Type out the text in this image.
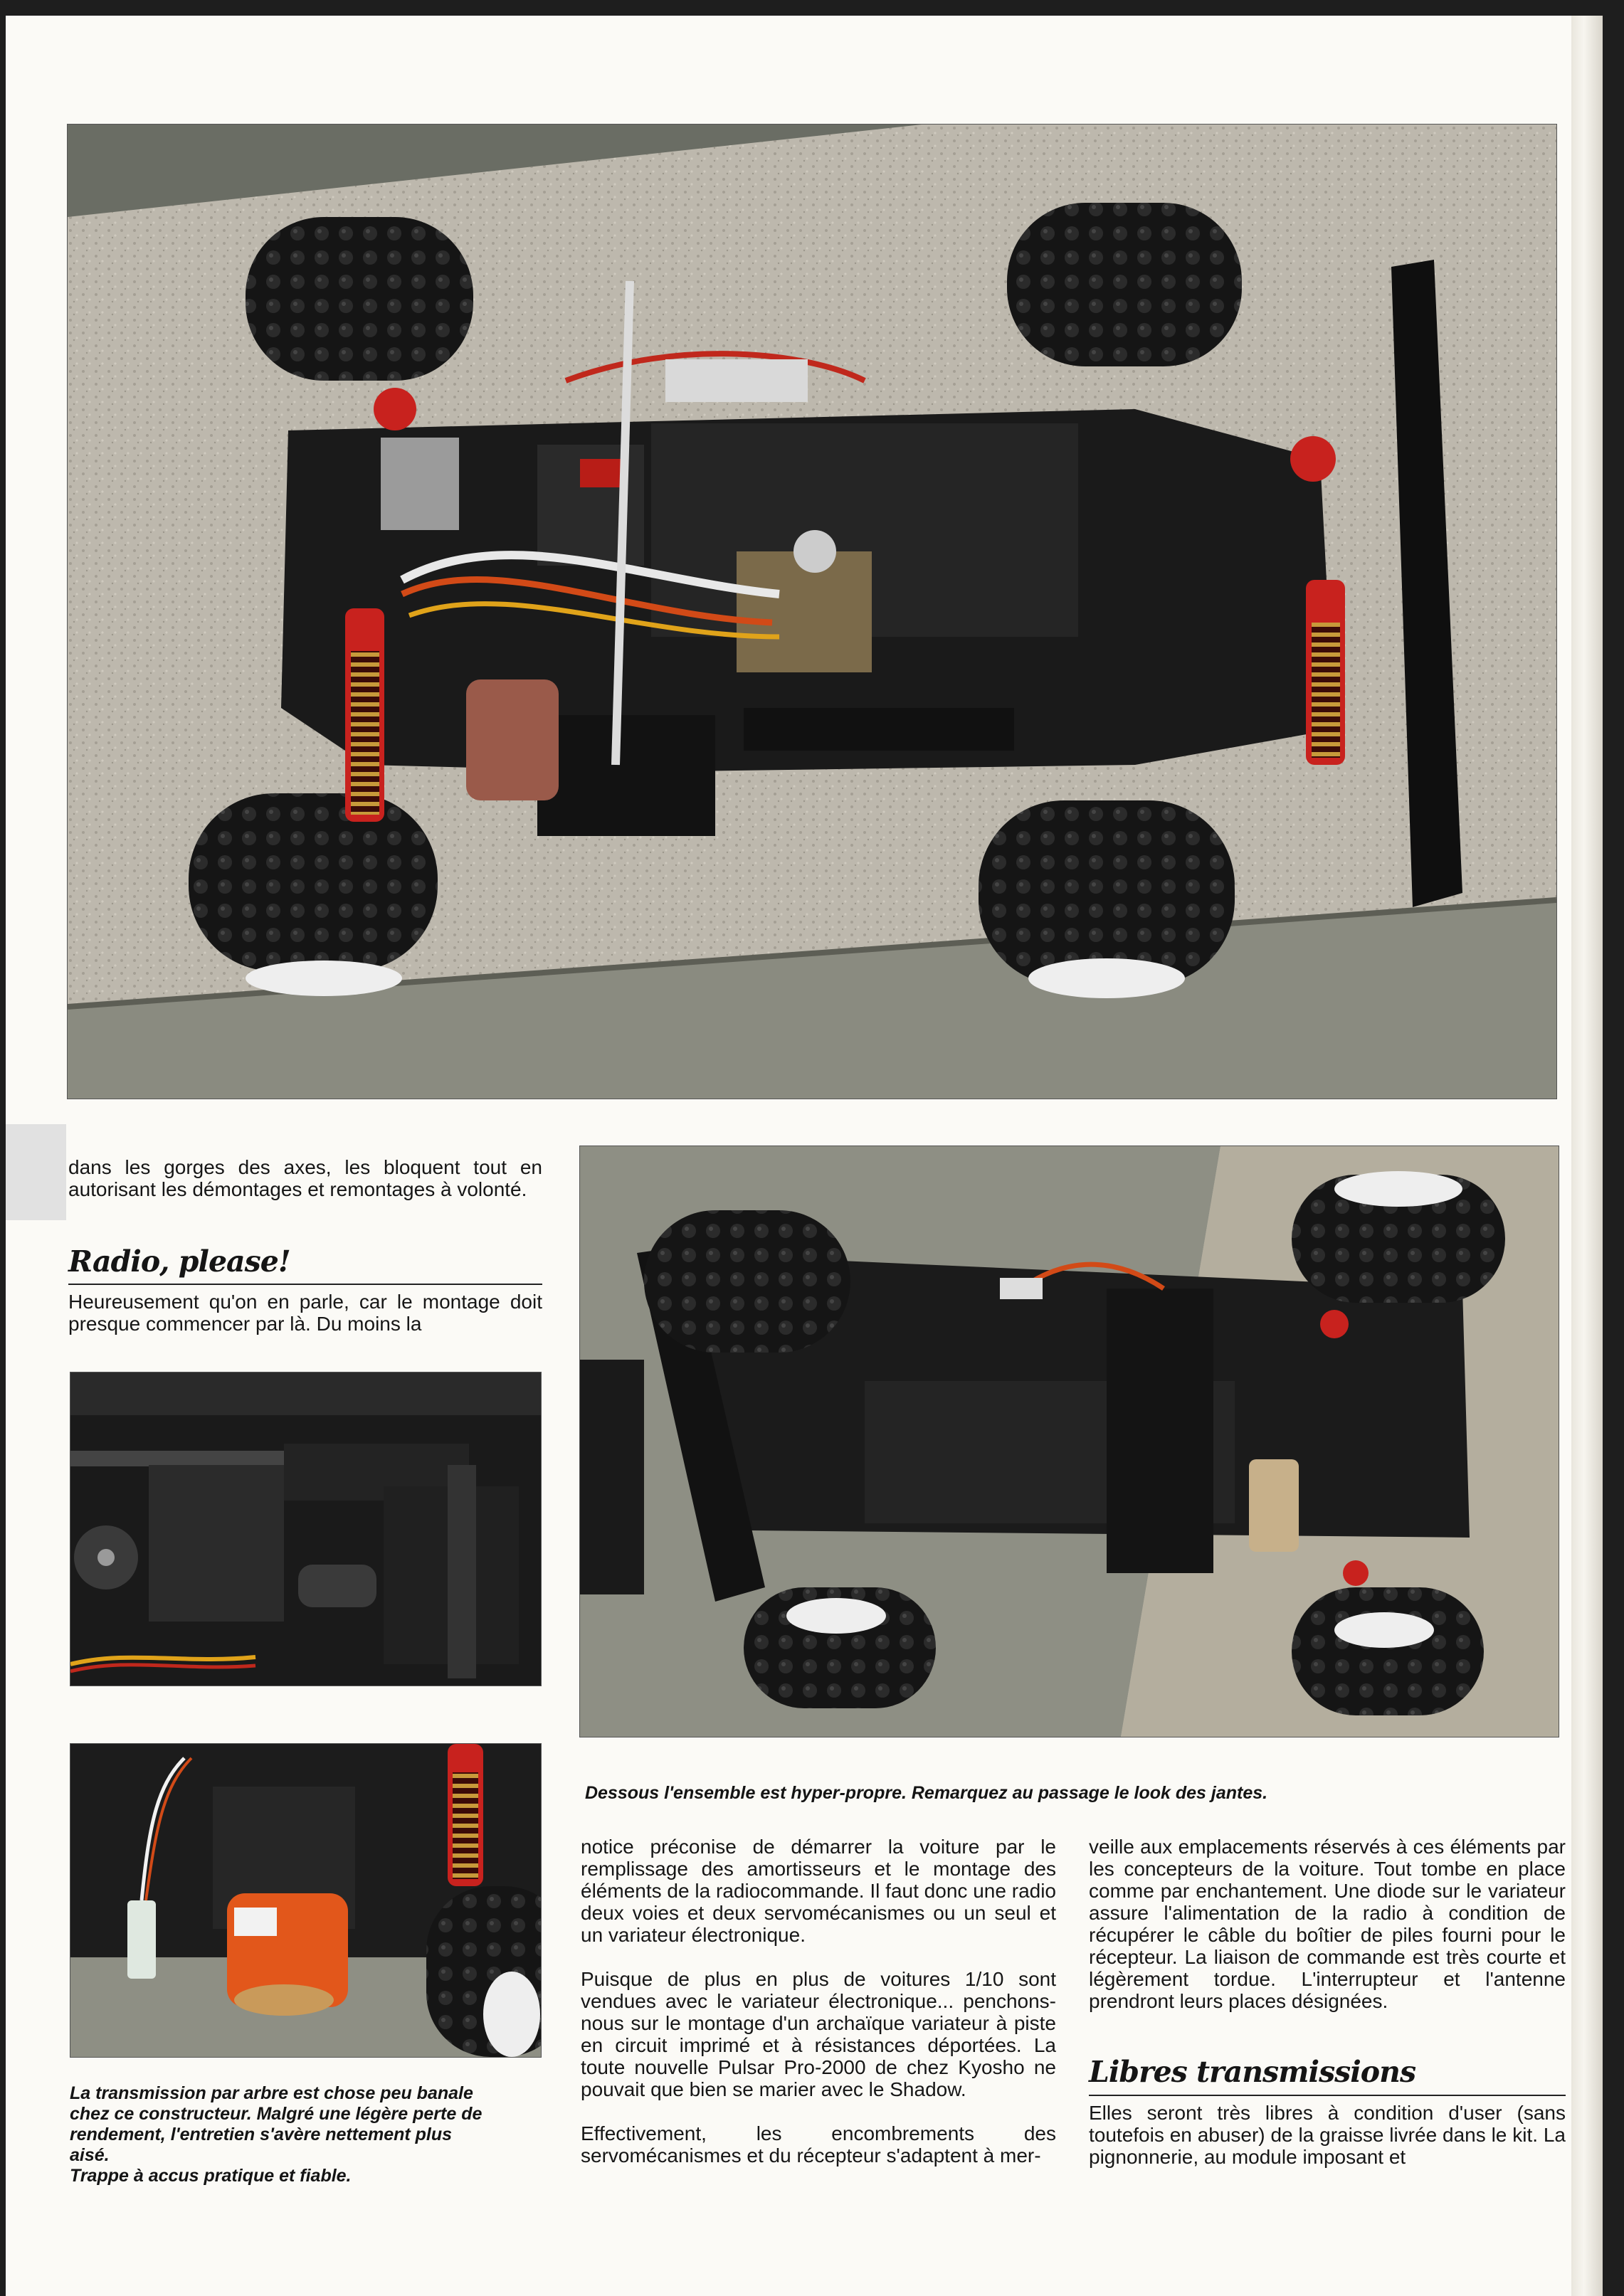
dans les gorges des axes, les bloquent tout en autorisant les démontages et remontages à volonté.

Radio, please!

Heureusement qu'on en parle, car le montage doit presque commencer par là. Du moins la

Dessous l'ensemble est hyper-propre. Remarquez au passage le look des jantes.

La transmission par arbre est chose peu banale
chez ce constructeur. Malgré une légère perte de
rendement, l'entretien s'avère nettement plus
aisé.
Trappe à accus pratique et fiable.

notice préconise de démarrer la voiture par le remplissage des amortisseurs et le montage des éléments de la radiocommande. Il faut donc une radio deux voies et deux servomécanismes ou un seul et un variateur électronique.

Puisque de plus en plus de voitures 1/10 sont vendues avec le variateur électronique... penchons-nous sur le montage d'un archaïque variateur à piste en circuit imprimé et à résistances déportées. La toute nouvelle Pulsar Pro-2000 de chez Kyosho ne pouvait que bien se marier avec le Shadow.

Effectivement, les encombrements des servomécanismes et du récepteur s'adaptent à mer-

veille aux emplacements réservés à ces éléments par les concepteurs de la voiture. Tout tombe en place comme par enchantement. Une diode sur le variateur assure l'alimentation de la radio à condition de récupérer le câble du boîtier de piles fourni pour le récepteur. La liaison de commande est très courte et légèrement tordue. L'interrupteur et l'antenne prendront leurs places désignées.

Libres transmissions

Elles seront très libres à condition d'user (sans toutefois en abuser) de la graisse livrée dans le kit. La pignonnerie, au module imposant et
